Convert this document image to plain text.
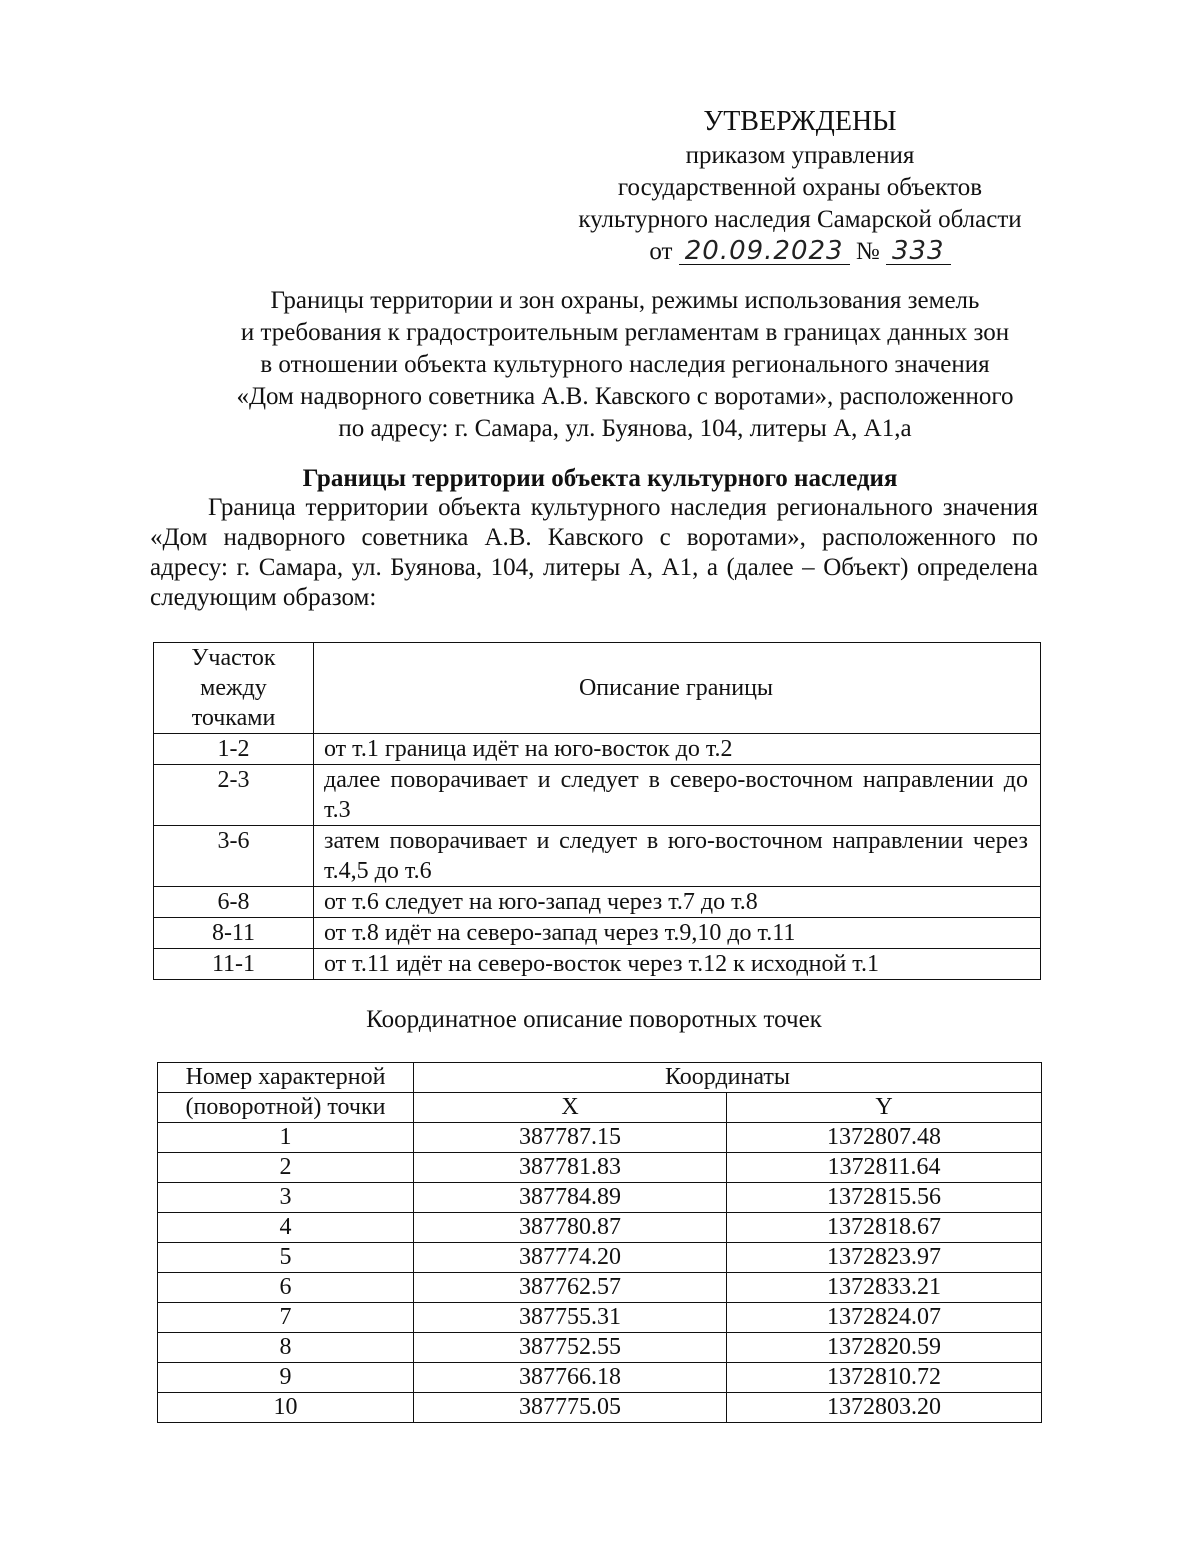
УТВЕРЖДЕНЫ
приказом управления
государственной охраны объектов
культурного наследия Самарской области
от 20.09.2023 № 333
Границы территории и зон охраны, режимы использования земель
и требования к градостроительным регламентам в границах данных зон
в отношении объекта культурного наследия регионального значения
«Дом надворного советника А.В. Кавского с воротами», расположенного
по адресу: г. Самара, ул. Буянова, 104, литеры А, А1,а
Границы территории объекта культурного наследия
Граница территории объекта культурного наследия регионального значения «Дом надворного советника А.В. Кавского с воротами», расположенного по адресу: г. Самара, ул. Буянова, 104, литеры А, А1, а (далее – Объект) определена следующим образом:
Участок между точками	Описание границы
1-2	от т.1 граница идёт на юго-восток до т.2
2-3	далее поворачивает и следует в северо-восточном направлении до т.3
3-6	затем поворачивает и следует в юго-восточном направлении через т.4,5 до т.6
6-8	от т.6 следует на юго-запад через т.7 до т.8
8-11	от т.8 идёт на северо-запад через т.9,10 до т.11
11-1	от т.11 идёт на северо-восток через т.12 к исходной т.1
Координатное описание поворотных точек
Номер характерной	Координаты	
(поворотной) точки	X	Y
1	387787.15	1372807.48
2	387781.83	1372811.64
3	387784.89	1372815.56
4	387780.87	1372818.67
5	387774.20	1372823.97
6	387762.57	1372833.21
7	387755.31	1372824.07
8	387752.55	1372820.59
9	387766.18	1372810.72
10	387775.05	1372803.20
